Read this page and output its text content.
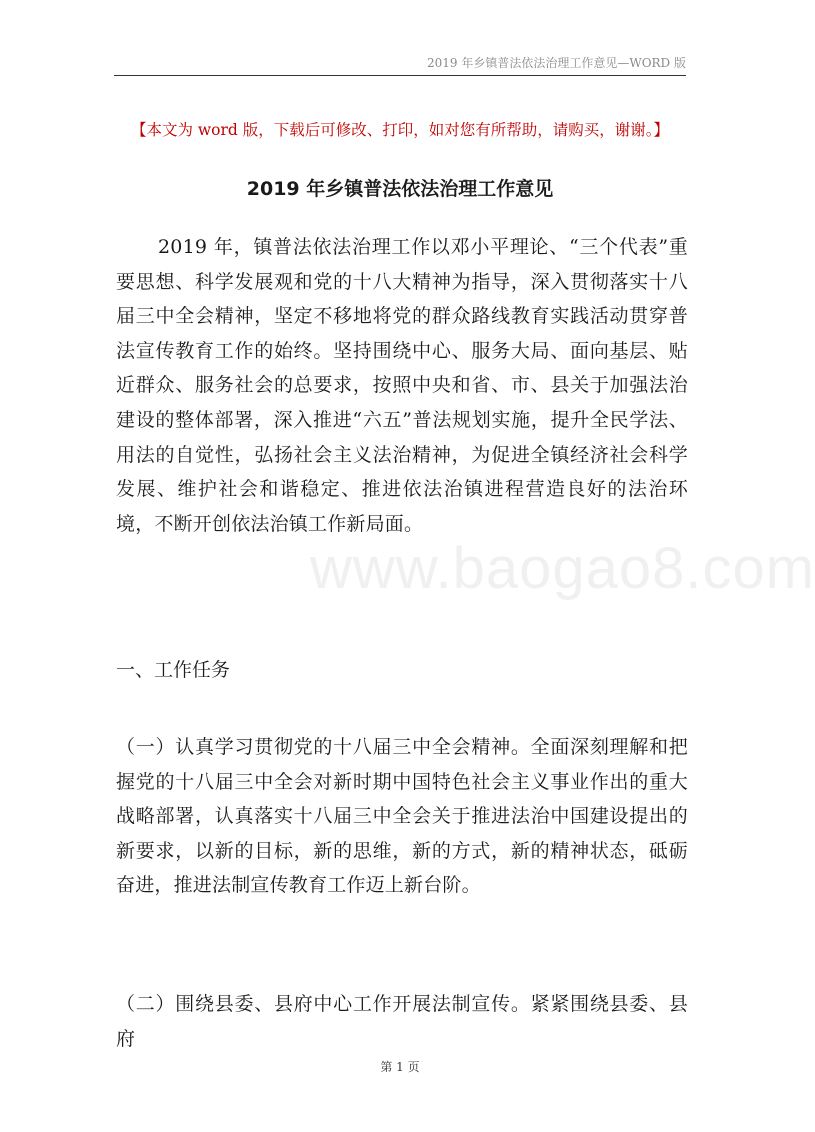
2019 年乡镇普法依法治理工作意见—WORD 版
【本文为 word 版，下载后可修改、打印，如对您有所帮助，请购买，谢谢。】
2019 年乡镇普法依法治理工作意见
2019 年，镇普法依法治理工作以邓小平理论、“三个代表”重要思想、科学发展观和党的十八大精神为指导，深入贯彻落实十八届三中全会精神，坚定不移地将党的群众路线教育实践活动贯穿普法宣传教育工作的始终。坚持围绕中心、服务大局、面向基层、贴近群众、服务社会的总要求，按照中央和省、市、县关于加强法治建设的整体部署，深入推进“六五”普法规划实施，提升全民学法、用法的自觉性，弘扬社会主义法治精神，为促进全镇经济社会科学发展、维护社会和谐稳定、推进依法治镇进程营造良好的法治环境，不断开创依法治镇工作新局面。
www.baogao8.com
一、工作任务
（一）认真学习贯彻党的十八届三中全会精神。全面深刻理解和把握党的十八届三中全会对新时期中国特色社会主义事业作出的重大战略部署，认真落实十八届三中全会关于推进法治中国建设提出的新要求，以新的目标，新的思维，新的方式，新的精神状态，砥砺奋进，推进法制宣传教育工作迈上新台阶。
（二）围绕县委、县府中心工作开展法制宣传。紧紧围绕县委、县府
第 1 页
